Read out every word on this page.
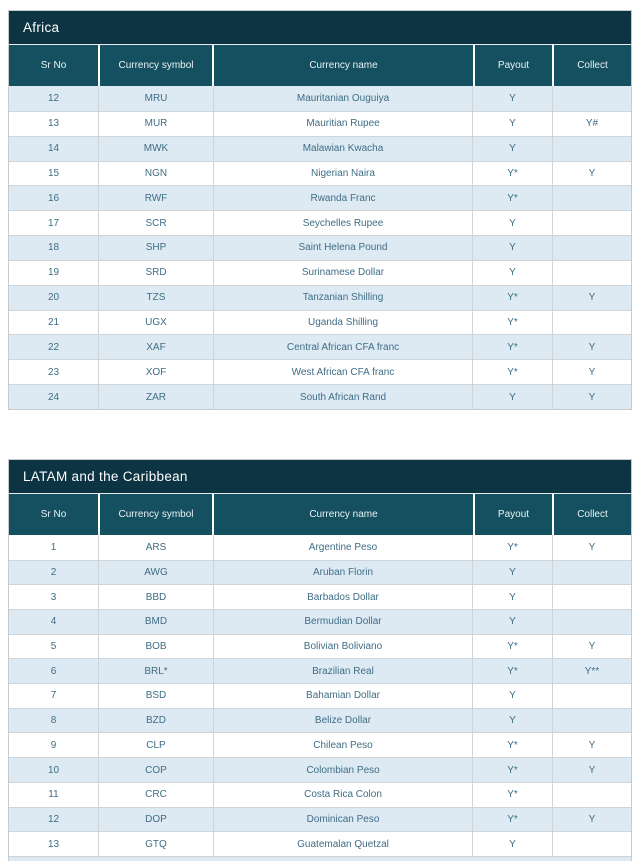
Africa
Sr No	Currency symbol	Currency name	Payout	Collect
12	MRU	Mauritanian Ouguiya	Y
13	MUR	Mauritian Rupee	Y	Y#
14	MWK	Malawian Kwacha	Y
15	NGN	Nigerian Naira	Y*	Y
16	RWF	Rwanda Franc	Y*
17	SCR	Seychelles Rupee	Y
18	SHP	Saint Helena Pound	Y
19	SRD	Surinamese Dollar	Y
20	TZS	Tanzanian Shilling	Y*	Y
21	UGX	Uganda Shilling	Y*
22	XAF	Central African CFA franc	Y*	Y
23	XOF	West African CFA franc	Y*	Y
24	ZAR	South African Rand	Y	Y
LATAM and the Caribbean
Sr No	Currency symbol	Currency name	Payout	Collect
1	ARS	Argentine Peso	Y*	Y
2	AWG	Aruban Florin	Y
3	BBD	Barbados Dollar	Y
4	BMD	Bermudian Dollar	Y
5	BOB	Bolivian Boliviano	Y*	Y
6	BRL*	Brazilian Real	Y*	Y**
7	BSD	Bahamian Dollar	Y
8	BZD	Belize Dollar	Y
9	CLP	Chilean Peso	Y*	Y
10	COP	Colombian Peso	Y*	Y
11	CRC	Costa Rica Colon	Y*
12	DOP	Dominican Peso	Y*	Y
13	GTQ	Guatemalan Quetzal	Y
